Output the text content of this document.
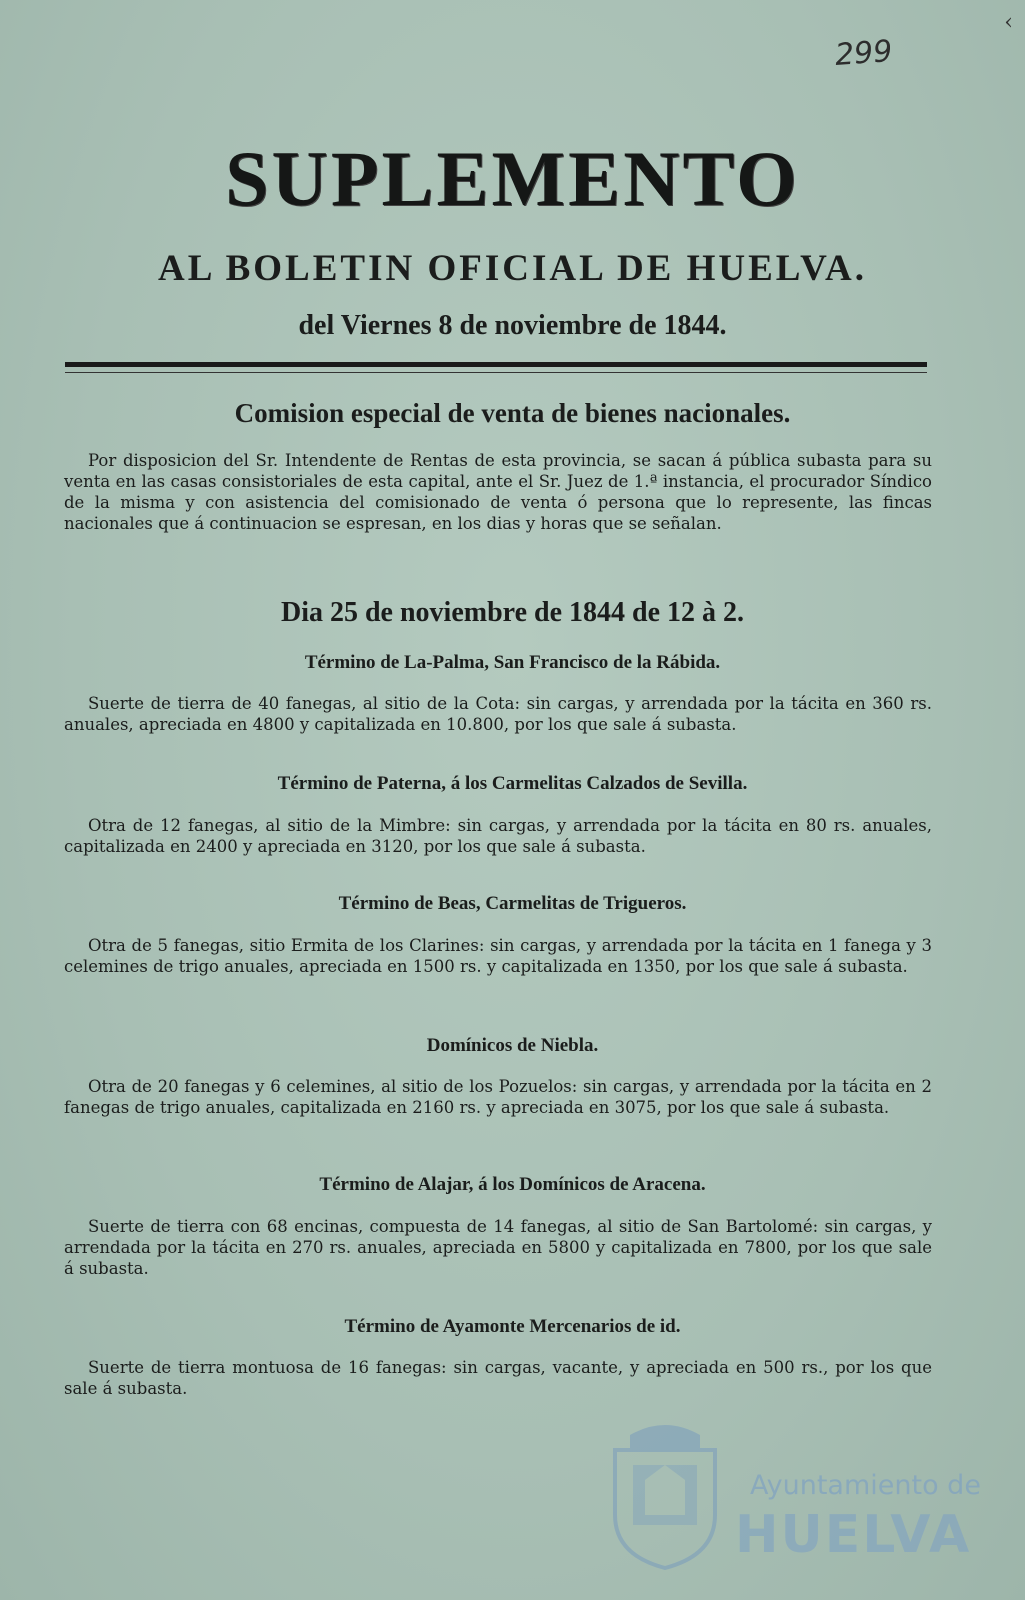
‹
299
SUPLEMENTO
AL BOLETIN OFICIAL DE HUELVA.
del Viernes 8 de noviembre de 1844.
Comision especial de venta de bienes nacionales.
Por disposicion del Sr. Intendente de Rentas de esta provincia, se sacan á pública subasta para su venta en las casas consistoriales de esta capital, ante el Sr. Juez de 1.ª instancia, el procurador Síndico de la misma y con asistencia del comisionado de venta ó persona que lo represente, las fincas nacionales que á continuacion se espresan, en los dias y horas que se señalan.
Dia 25 de noviembre de 1844 de 12 à 2.
Término de La-Palma, San Francisco de la Rábida.
Suerte de tierra de 40 fanegas, al sitio de la Cota: sin cargas, y arrendada por la tácita en 360 rs. anuales, apreciada en 4800 y capitalizada en 10.800, por los que sale á subasta.
Término de Paterna, á los Carmelitas Calzados de Sevilla.
Otra de 12 fanegas, al sitio de la Mimbre: sin cargas, y arrendada por la tácita en 80 rs. anuales, capitalizada en 2400 y apreciada en 3120, por los que sale á subasta.
Término de Beas, Carmelitas de Trigueros.
Otra de 5 fanegas, sitio Ermita de los Clarines: sin cargas, y arrendada por la tácita en 1 fanega y 3 celemines de trigo anuales, apreciada en 1500 rs. y capitalizada en 1350, por los que sale á subasta.
Domínicos de Niebla.
Otra de 20 fanegas y 6 celemines, al sitio de los Pozuelos: sin cargas, y arrendada por la tácita en 2 fanegas de trigo anuales, capitalizada en 2160 rs. y apreciada en 3075, por los que sale á subasta.
Término de Alajar, á los Domínicos de Aracena.
Suerte de tierra con 68 encinas, compuesta de 14 fanegas, al sitio de San Bartolomé: sin cargas, y arrendada por la tácita en 270 rs. anuales, apreciada en 5800 y capitalizada en 7800, por los que sale á subasta.
Término de Ayamonte Mercenarios de id.
Suerte de tierra montuosa de 16 fanegas: sin cargas, vacante, y apreciada en 500 rs., por los que sale á subasta.
Ayuntamiento de
HUELVA
